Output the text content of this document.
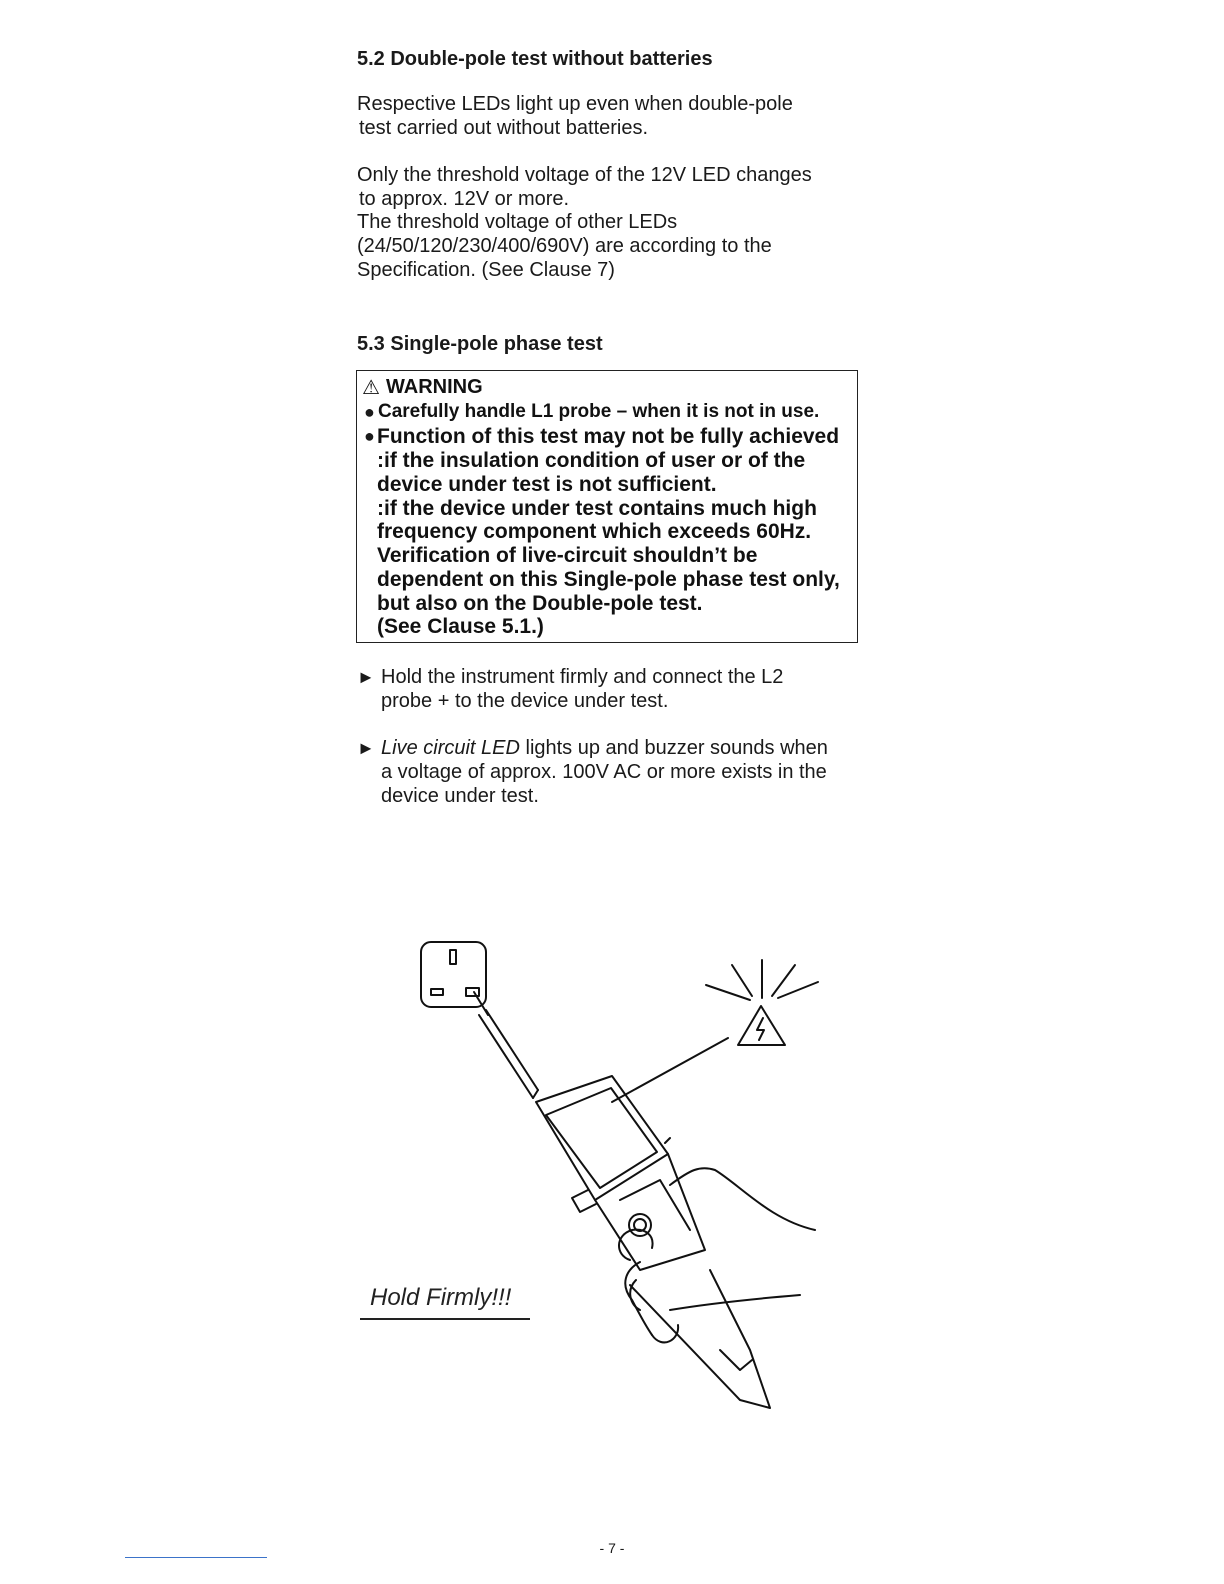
5.2 Double-pole test without batteries

Respective LEDs light up even when double-pole

test carried out without batteries.

Only the threshold voltage of the 12V LED changes

to approx. 12V or more.

The threshold voltage of other LEDs

(24/50/120/230/400/690V) are according to the

Specification. (See Clause 7)

5.3 Single-pole phase test
⚠ WARNING
● Carefully handle L1 probe – when it is not in use.
● Function of this test may not be fully achieved
:if the insulation condition of user or of the
device under test is not sufficient.
:if the device under test contains much high
frequency component which exceeds 60Hz.
Verification of live-circuit shouldn’t be
dependent on this Single-pole phase test only,
but also on the Double-pole test.
(See Clause 5.1.)
► Hold the instrument firmly and connect the L2
probe + to the device under test.
► Live circuit LED lights up and buzzer sounds when
a voltage of approx. 100V AC or more exists in the
device under test.
Hold Firmly!!!
- 7 -
